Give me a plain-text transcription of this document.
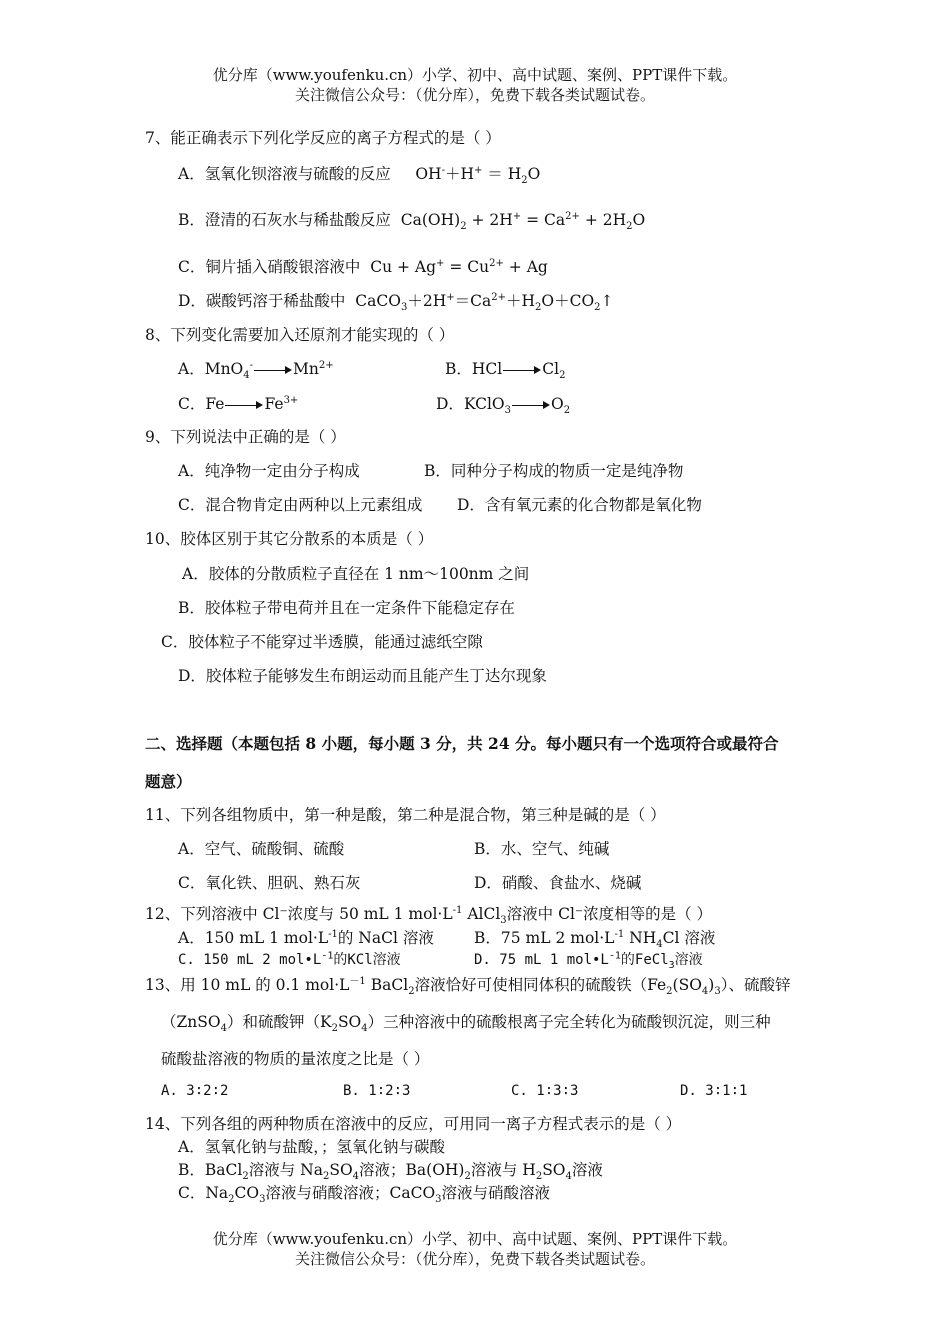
优分库（www.youfenku.cn）小学、初中、高中试题、案例、PPT课件下载。
关注微信公众号：（优分库），免费下载各类试题试卷。
7、能正确表示下列化学反应的离子方程式的是（ ）
A．氢氧化钡溶液与硫酸的反应     $OH^-+H^+ = H_2O$
B．澄清的石灰水与稀盐酸反应  $Ca(OH)_2 + 2H^+ = Ca^{2+} + 2H_2O$
C．铜片插入硝酸银溶液中  $Cu + Ag^+ = Cu^{2+} + Ag$
D．碳酸钙溶于稀盐酸中  $CaCO_3+2H^+=Ca^{2+}+H_2O+CO_2↑$
8、下列变化需要加入还原剂才能实现的（ ）
A．MnO$_4$-	$Mn^{2+}$	B．HCl	$Cl_2$
C．Fe	$Fe^{3+}$	D．KClO$_3$	$O_2$
9、下列说法中正确的是（ ）
A．纯净物一定由分子构成	B．同种分子构成的物质一定是纯净物
C．混合物肯定由两种以上元素组成 D．含有氧元素的化合物都是氧化物
10、胶体区别于其它分散系的本质是（ ）
A．胶体的分散质粒子直径在 1 nm～100nm 之间
B．胶体粒子带电荷并且在一定条件下能稳定存在
C．胶体粒子不能穿过半透膜，能通过滤纸空隙
D．胶体粒子能够发生布朗运动而且能产生丁达尔现象
二、选择题（本题包括 8 小题，每小题 3 分，共 24 分。每小题只有一个选项符合或最符合
题意）
11、下列各组物质中，第一种是酸，第二种是混合物，第三种是碱的是（ ）
A．空气、硫酸铜、硫酸	B．水、空气、纯碱
C．氧化铁、胆矾、熟石灰	D．硝酸、食盐水、烧碱
12、下列溶液中 Cl⁻浓度与 50 mL 1 $mol\cdot L^{-1}$ AlCl$_3$溶液中 Cl⁻浓度相等的是（ ）
A．150 mL 1 $mol\cdot L^{-1}$的 NaCl 溶液	B．75 mL 2 $mol\cdot L^{-1}$ $NH_4Cl$ 溶液
C. 150 mL 2 $mol•L^{-1}$的KCl溶液	D. 75 mL 1 $mol•L^{-1}$的FeCl$_3$溶液
13、用 10 mL 的 0.1 $mol\cdot L^{-1}$ BaCl$_2$溶液恰好可使相同体积的硫酸铁$(Fe_2(SO_4)_3)$、硫酸锌
（ZnSO$_4$）和硫酸钾$(K_2SO_4)$三种溶液中的硫酸根离子完全转化为硫酸钡沉淀，则三种
硫酸盐溶液的物质的量浓度之比是（ ）
A. 3∶2∶2	B. 1∶2∶3	C. 1∶3∶3	D. 3∶1∶1
14、下列各组的两种物质在溶液中的反应，可用同一离子方程式表示的是（ ）
A．氢氧化钠与盐酸，；氢氧化钠与碳酸
B．BaCl$_2$溶液与 $Na_2SO_4$溶液；$Ba(OH)_2$溶液与 $H_2SO_4$溶液
C．$Na_2CO_3$溶液与硝酸溶液；CaCO$_3$溶液与硝酸溶液
优分库（www.youfenku.cn）小学、初中、高中试题、案例、PPT课件下载。
关注微信公众号：（优分库），免费下载各类试题试卷。
